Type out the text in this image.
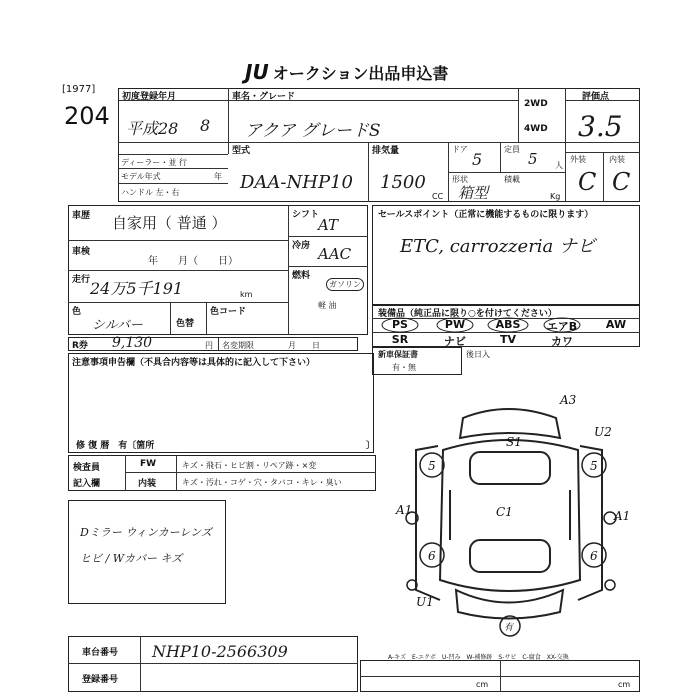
[1977]
JU オークション出品申込書
204
初度登録年月
平成28 8
車名・グレード
アクア グレードS
2WD
4WD
評価点
3.5
ディーラー・並 行
モデル年式	年
ハンドル 左・右
型式
DAA-NHP10
排気量
1500
CC
ドア
5
定員
5 人
形状
箱型
積載
Kg
外装	内装
C C
車歴 自家用（ 普通 ）
車検
年　　月（　　日）
走行 24万5千191	km
色
シルバー	色替
色コード
シフト
AT
冷房 AAC
燃料
ガソリン
軽 油
セールスポイント（正常に機能するものに限ります）
ETC, carrozzeria ナビ
装備品（純正品に限り○を付けてください）
PS	PW	ABS	エアB	AW
SR	ナビ	TV	カワ
新車保証書
有・無
後日入
R券 9,130	円 名変期限	月　　日
注意事項申告欄（不具合内容等は具体的に記入して下さい）
修 復 暦　有〔箇所	〕
検査員
記入欄
FW	キズ・飛石・ヒビ割・リペア跡・×変
内装	キズ・汚れ・コゲ・穴・タバコ・キレ・臭い
Dミラー ウィンカーレンズヒビ / Wカバー キズ
A3
S1
U2
C1
A1	A1
U1
5
6
5
6
有
車台番号 NHP10-2566309
登録番号
A-キズ　E-エクボ　U-凹み　W-補修跡　S-サビ　C-腐食　XX-交換
cm	cm
